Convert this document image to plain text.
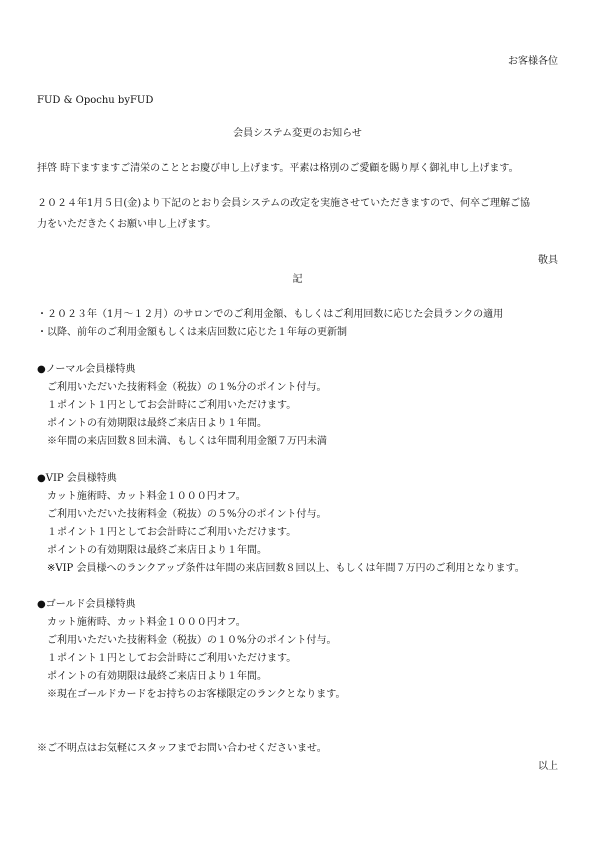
お客様各位
FUD & Opochu byFUD
会員システム変更のお知らせ
拝啓 時下ますますご清栄のこととお慶び申し上げます。平素は格別のご愛顧を賜り厚く御礼申し上げます。
２０２４年1月５日(金)より下記のとおり会員システムの改定を実施させていただきますので、何卒ご理解ご協
力をいただきたくお願い申し上げます。
敬具
記
・２０２３年（1月〜１２月）のサロンでのご利用金額、もしくはご利用回数に応じた会員ランクの適用
・以降、前年のご利用金額もしくは来店回数に応じた１年毎の更新制
●ノーマル会員様特典
ご利用いただいた技術料金（税抜）の１%分のポイント付与。
１ポイント１円としてお会計時にご利用いただけます。
ポイントの有効期限は最終ご来店日より１年間。
※年間の来店回数８回未満、もしくは年間利用金額７万円未満
●VIP 会員様特典
カット施術時、カット料金１０００円オフ。
ご利用いただいた技術料金（税抜）の５%分のポイント付与。
１ポイント１円としてお会計時にご利用いただけます。
ポイントの有効期限は最終ご来店日より１年間。
※VIP 会員様へのランクアップ条件は年間の来店回数８回以上、もしくは年間７万円のご利用となります。
●ゴールド会員様特典
カット施術時、カット料金１０００円オフ。
ご利用いただいた技術料金（税抜）の１０%分のポイント付与。
１ポイント１円としてお会計時にご利用いただけます。
ポイントの有効期限は最終ご来店日より１年間。
※現在ゴールドカードをお持ちのお客様限定のランクとなります。
※ご不明点はお気軽にスタッフまでお問い合わせくださいませ。
以上
